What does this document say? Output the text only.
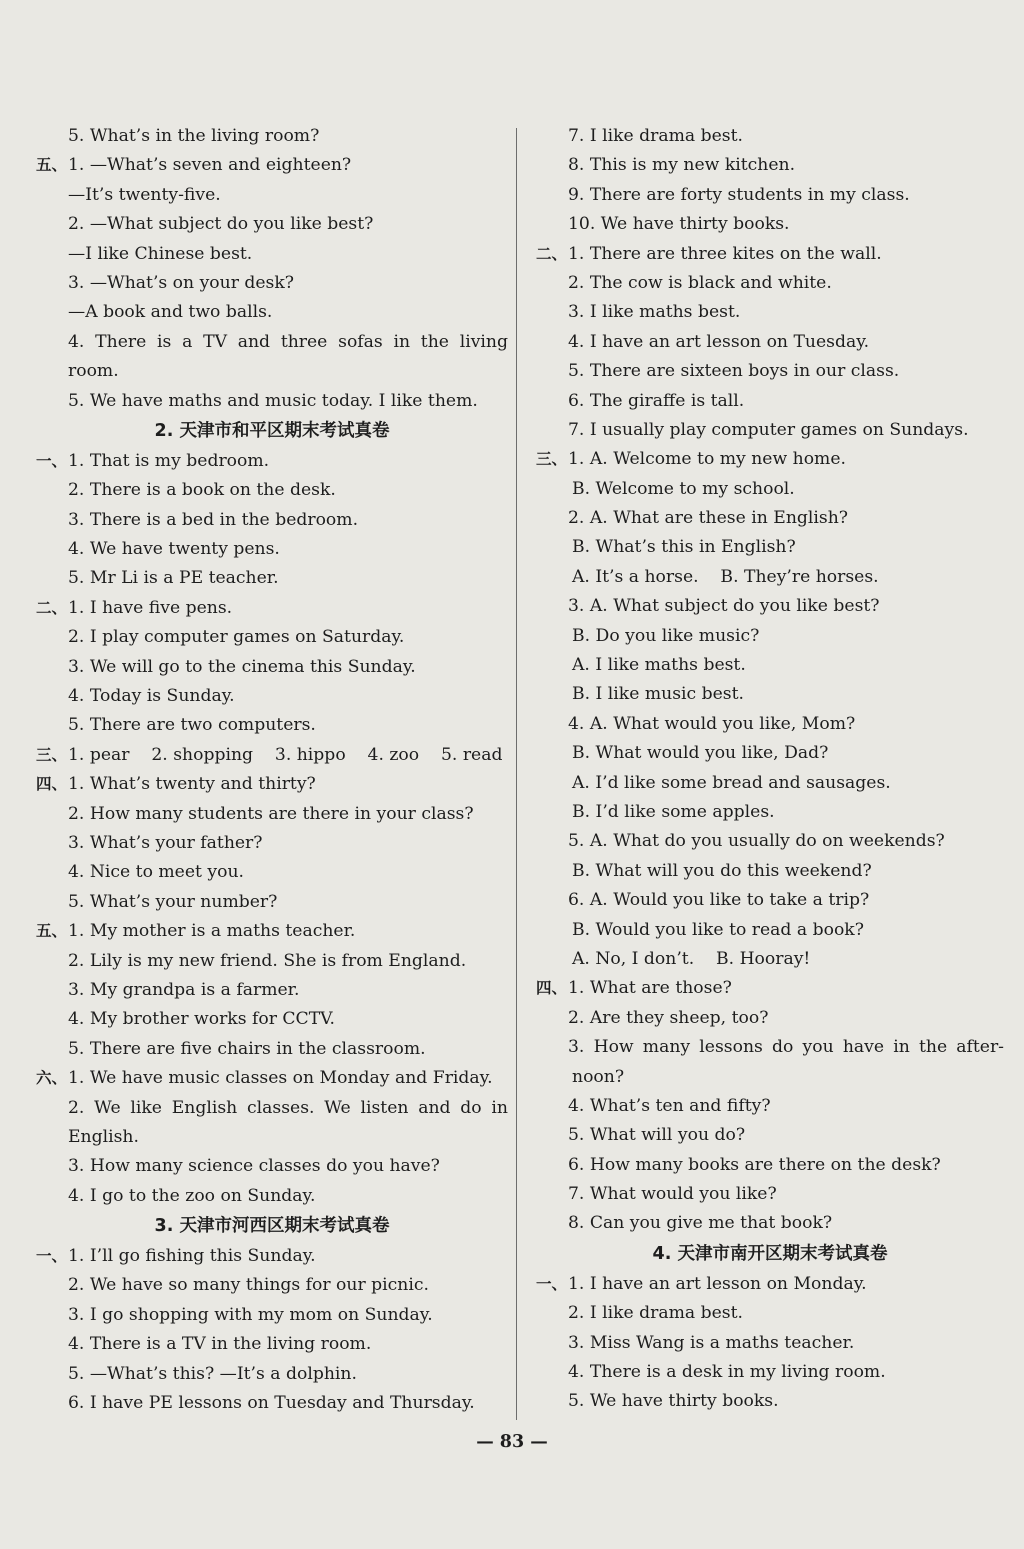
5. What’s in the living room?
五、1. —What’s seven and eighteen?
—It’s twenty-five.
2. —What subject do you like best?
—I like Chinese best.
3. —What’s on your desk?
—A book and two balls.
4. There is a TV and three sofas in the living
room.
5. We have maths and music today. I like them.
2. 天津市和平区期末考试真卷
一、1. That is my bedroom.
2. There is a book on the desk.
3. There is a bed in the bedroom.
4. We have twenty pens.
5. Mr Li is a PE teacher.
二、1. I have five pens.
2. I play computer games on Saturday.
3. We will go to the cinema this Sunday.
4. Today is Sunday.
5. There are two computers.
三、1. pear    2. shopping    3. hippo    4. zoo    5. read
四、1. What’s twenty and thirty?
2. How many students are there in your class?
3. What’s your father?
4. Nice to meet you.
5. What’s your number?
五、1. My mother is a maths teacher.
2. Lily is my new friend. She is from England.
3. My grandpa is a farmer.
4. My brother works for CCTV.
5. There are five chairs in the classroom.
六、1. We have music classes on Monday and Friday.
2. We like English classes. We listen and do in
English.
3. How many science classes do you have?
4. I go to the zoo on Sunday.
3. 天津市河西区期末考试真卷
一、1. I’ll go fishing this Sunday.
2. We have so many things for our picnic.
3. I go shopping with my mom on Sunday.
4. There is a TV in the living room.
5. —What’s this? —It’s a dolphin.
6. I have PE lessons on Tuesday and Thursday.
7. I like drama best.
8. This is my new kitchen.
9. There are forty students in my class.
10. We have thirty books.
二、1. There are three kites on the wall.
2. The cow is black and white.
3. I like maths best.
4. I have an art lesson on Tuesday.
5. There are sixteen boys in our class.
6. The giraffe is tall.
7. I usually play computer games on Sundays.
三、1. A. Welcome to my new home.
B. Welcome to my school.
2. A. What are these in English?
B. What’s this in English?
A. It’s a horse.    B. They’re horses.
3. A. What subject do you like best?
B. Do you like music?
A. I like maths best.
B. I like music best.
4. A. What would you like, Mom?
B. What would you like, Dad?
A. I’d like some bread and sausages.
B. I’d like some apples.
5. A. What do you usually do on weekends?
B. What will you do this weekend?
6. A. Would you like to take a trip?
B. Would you like to read a book?
A. No, I don’t.    B. Hooray!
四、1. What are those?
2. Are they sheep, too?
3. How many lessons do you have in the after-
noon?
4. What’s ten and fifty?
5. What will you do?
6. How many books are there on the desk?
7. What would you like?
8. Can you give me that book?
4. 天津市南开区期末考试真卷
一、1. I have an art lesson on Monday.
2. I like drama best.
3. Miss Wang is a maths teacher.
4. There is a desk in my living room.
5. We have thirty books.
— 83 —
